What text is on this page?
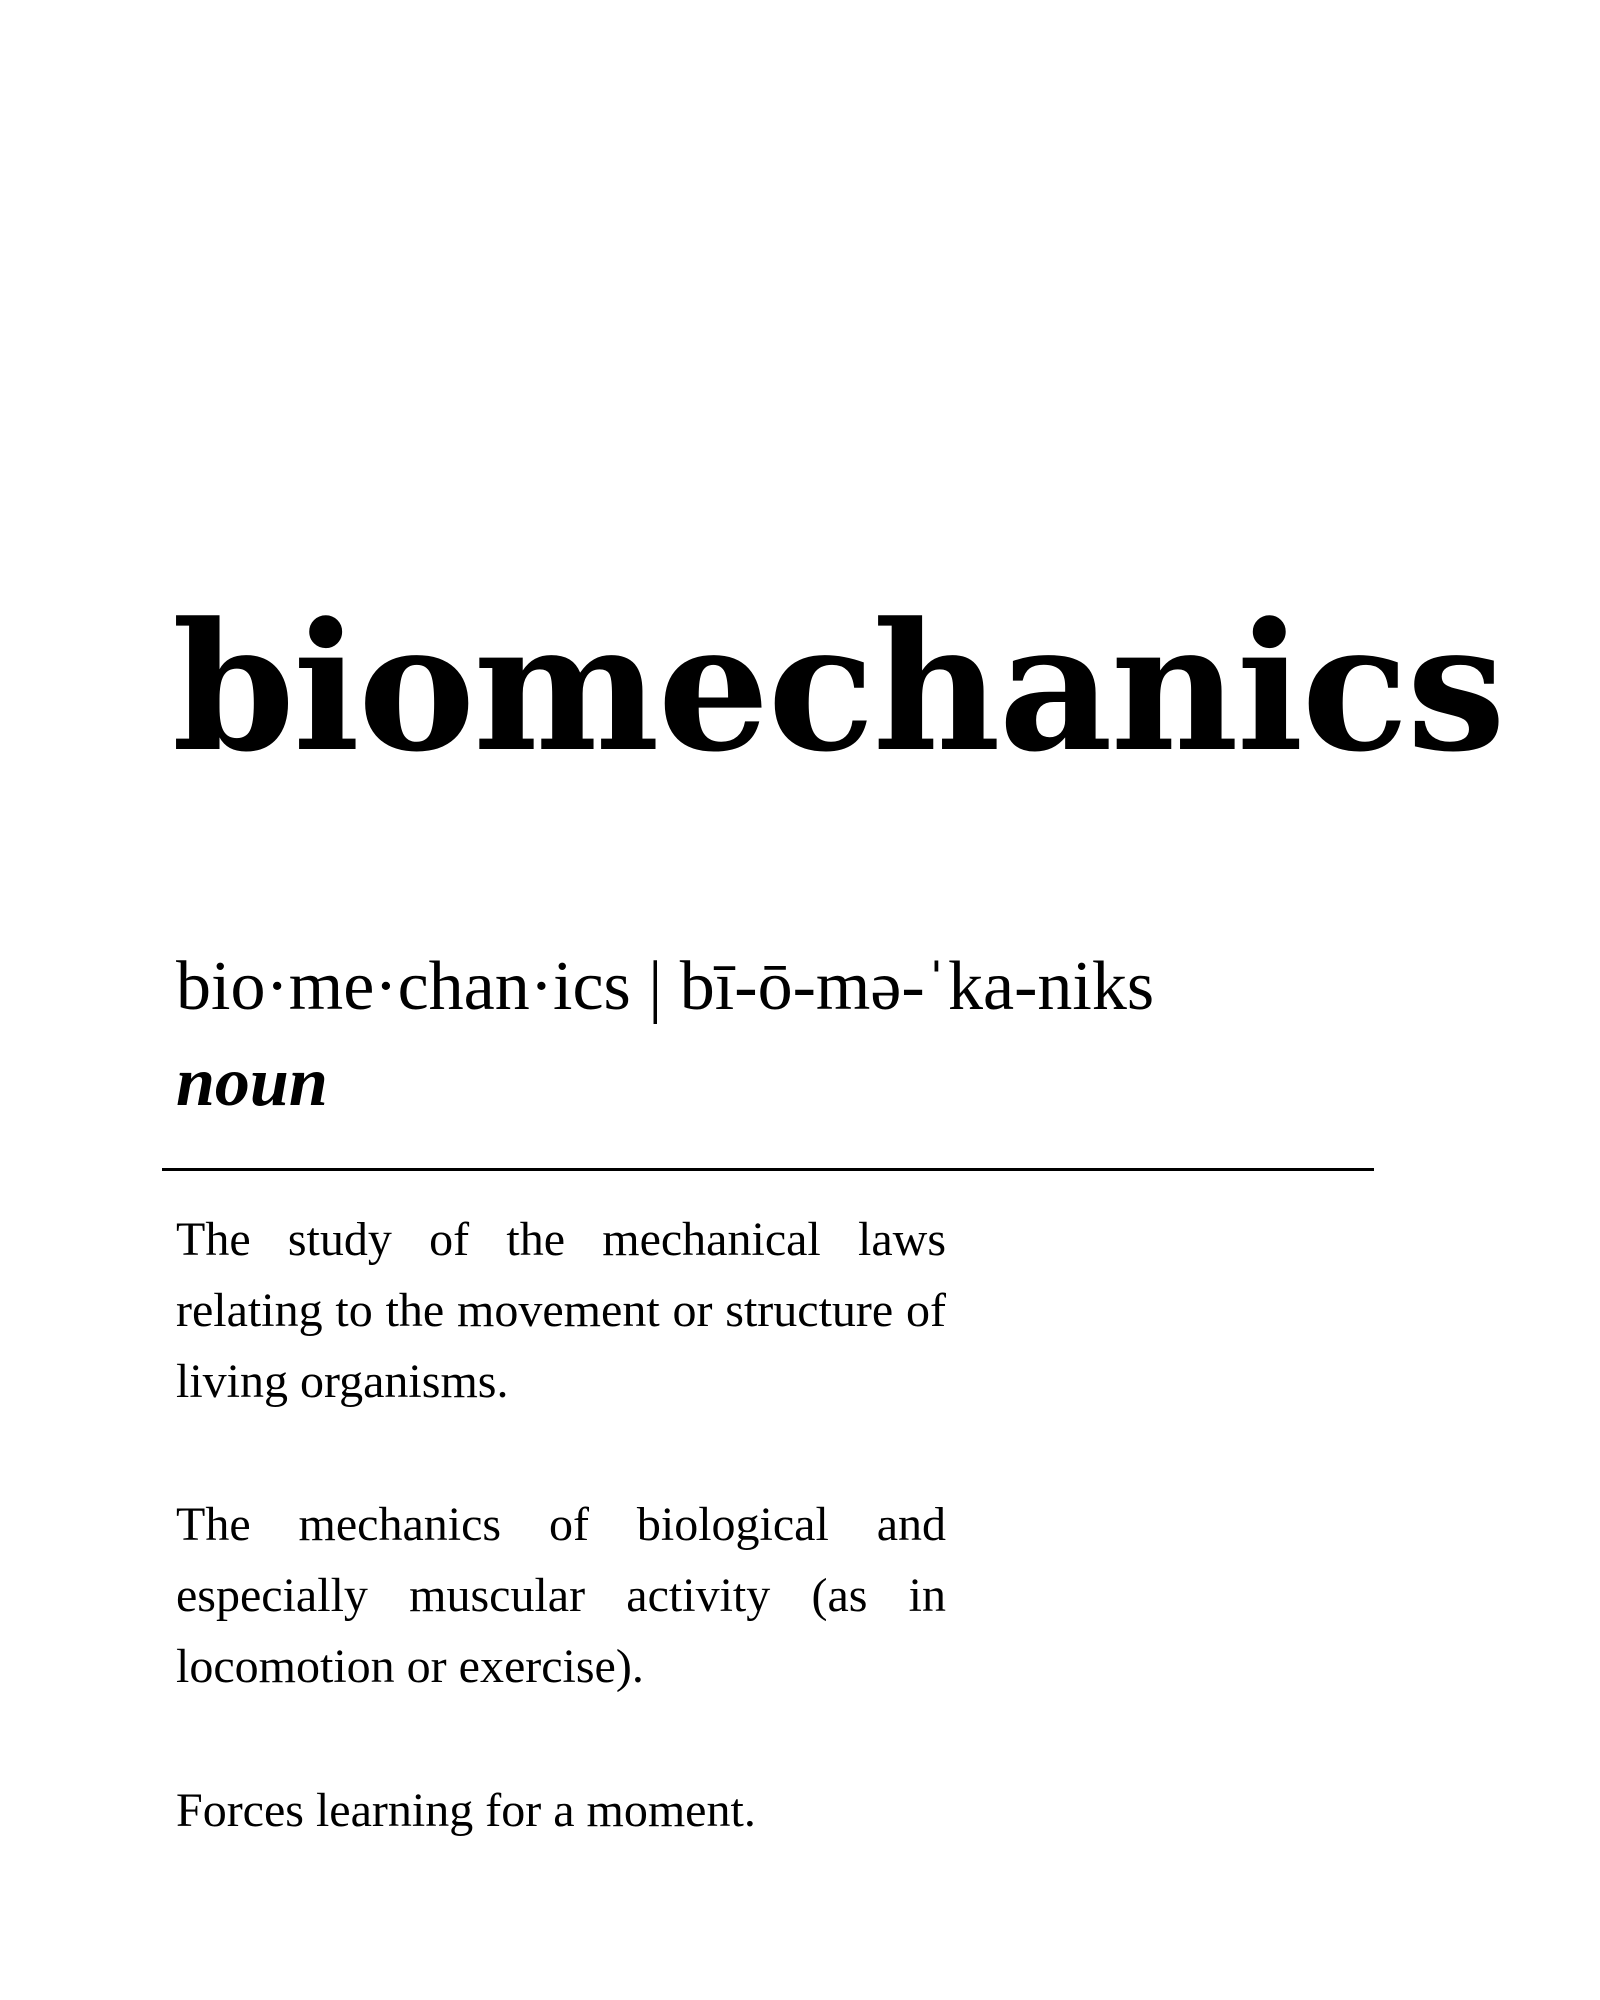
biomechanics

bio·me·chan·ics | bī-ō-mə-ˈka-niks

noun

The study of the mechanical laws relating to the movement or structure of living organisms.

The mechanics of biological and especially muscular activity (as in locomotion or exercise).

Forces learning for a moment.
